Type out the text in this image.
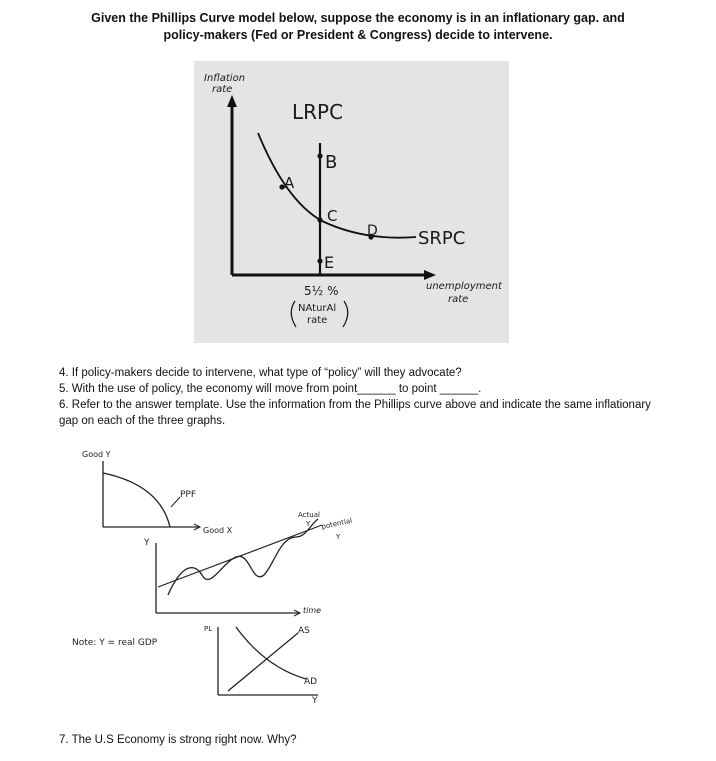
Given the Phillips Curve model below, suppose the economy is in an inflationary gap. and
policy-makers (Fed or President & Congress) decide to intervene.
Inflation
rate
LRPC
A
B
C
D
E
SRPC
5½ %
NAturAl
rate
unemployment
rate

4. If policy-makers decide to intervene, what type of “policy” will they advocate?

5. With the use of policy, the economy will move from point______ to point ______.

6. Refer to the answer template. Use the information from the Phillips curve above and indicate the same inflationary gap on each of the three graphs.

Good Y
PPF
Good X
Y
Actual
Y potential
Y
time
PL	AS
AD
Y
Note: Y = real GDP
7. The U.S Economy is strong right now. Why?
